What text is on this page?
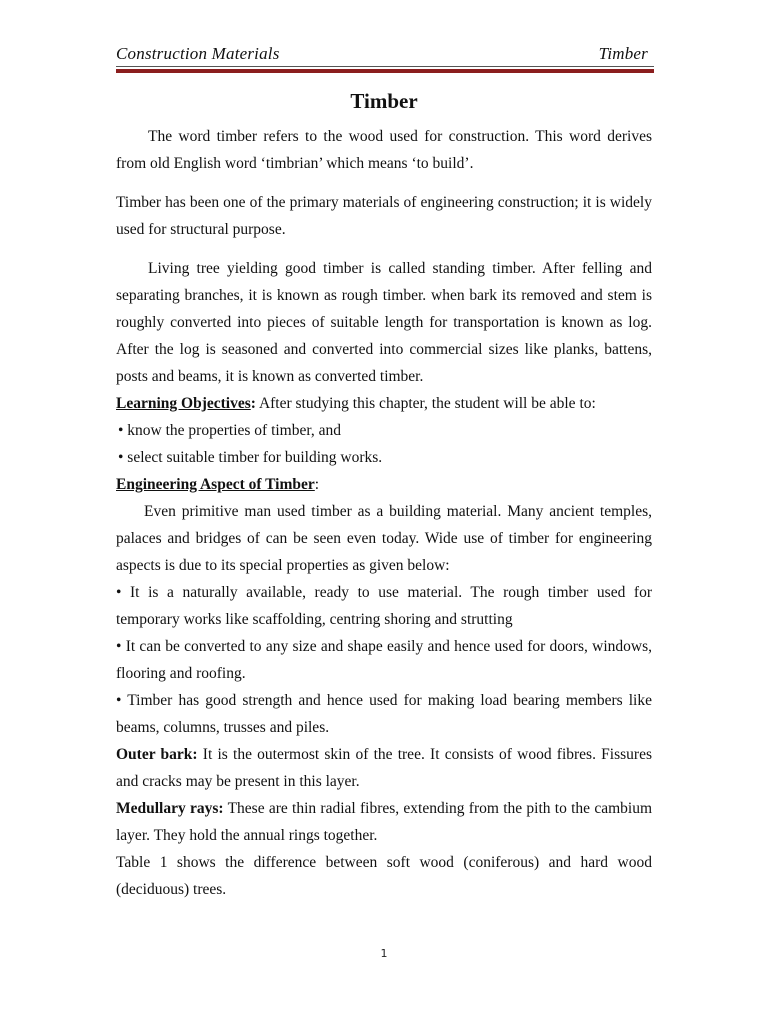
Construction Materials	Timber
Timber

The word timber refers to the wood used for construction. This word derives from old English word ‘timbrian’ which means ‘to build’.

Timber has been one of the primary materials of engineering construction; it is widely used for structural purpose.

Living tree yielding good timber is called standing timber. After felling and separating branches, it is known as rough timber. when bark its removed and stem is roughly converted into pieces of suitable length for transportation is known as log. After the log is seasoned and converted into commercial sizes like planks, battens, posts and beams, it is known as converted timber.

Learning Objectives: After studying this chapter, the student will be able to:

• know the properties of timber, and

• select suitable timber for building works.

Engineering Aspect of Timber:

Even primitive man used timber as a building material. Many ancient temples, palaces and bridges of can be seen even today. Wide use of timber for engineering aspects is due to its special properties as given below:

• It is a naturally available, ready to use material. The rough timber used for temporary works like scaffolding, centring shoring and strutting

• It can be converted to any size and shape easily and hence used for doors, windows, flooring and roofing.

• Timber has good strength and hence used for making load bearing members like beams, columns, trusses and piles.

Outer bark: It is the outermost skin of the tree. It consists of wood fibres. Fissures and cracks may be present in this layer.

Medullary rays: These are thin radial fibres, extending from the pith to the cambium layer. They hold the annual rings together.

Table 1 shows the difference between soft wood (coniferous) and hard wood (deciduous) trees.

1
